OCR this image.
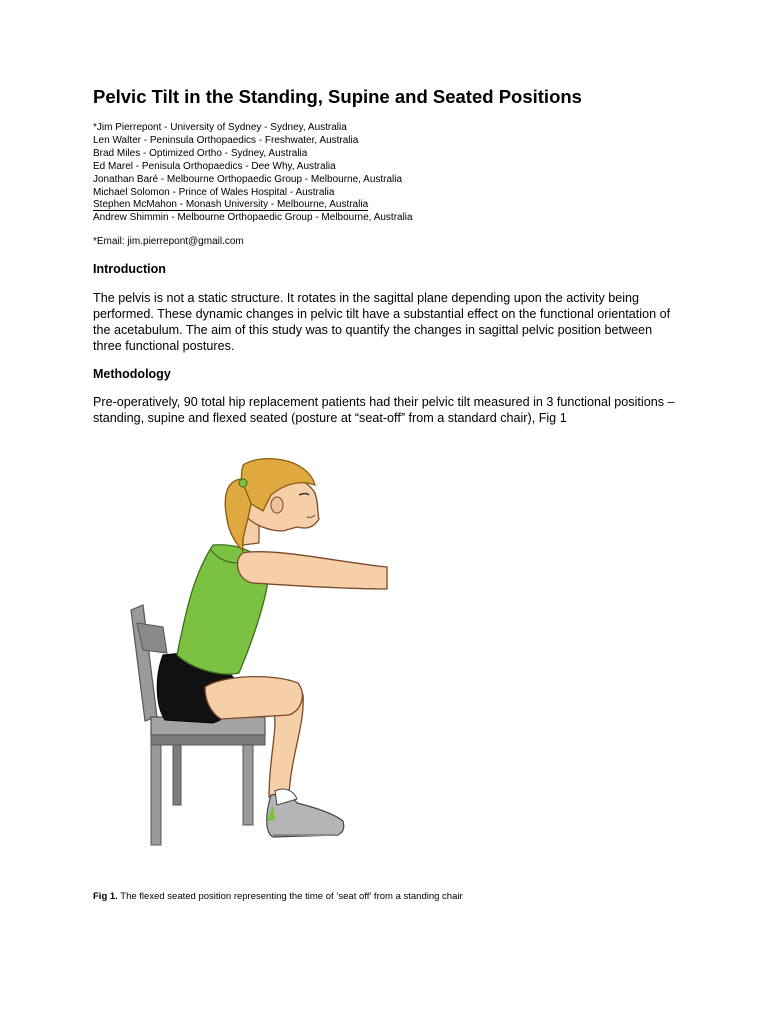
Pelvic Tilt in the Standing, Supine and Seated Positions
*Jim Pierrepont - University of Sydney - Sydney, Australia
Len Walter - Peninsula Orthopaedics - Freshwater, Australia
Brad Miles - Optimized Ortho - Sydney, Australia
Ed Marel - Penisula Orthopaedics - Dee Why, Australia
Jonathan Baré - Melbourne Orthopaedic Group - Melbourne, Australia
Michael Solomon - Prince of Wales Hospital - Australia
Stephen McMahon - Monash University - Melbourne, Australia
Andrew Shimmin - Melbourne Orthopaedic Group - Melbourne, Australia

*Email: jim.pierrepont@gmail.com

Introduction

The pelvis is not a static structure. It rotates in the sagittal plane depending upon the activity being performed. These dynamic changes in pelvic tilt have a substantial effect on the functional orientation of the acetabulum. The aim of this study was to quantify the changes in sagittal pelvic position between three functional postures.

Methodology

Pre-operatively, 90 total hip replacement patients had their pelvic tilt measured in 3 functional positions – standing, supine and flexed seated (posture at “seat-off” from a standard chair), Fig 1

Fig 1. The flexed seated position representing the time of ‘seat off’ from a standing chair
